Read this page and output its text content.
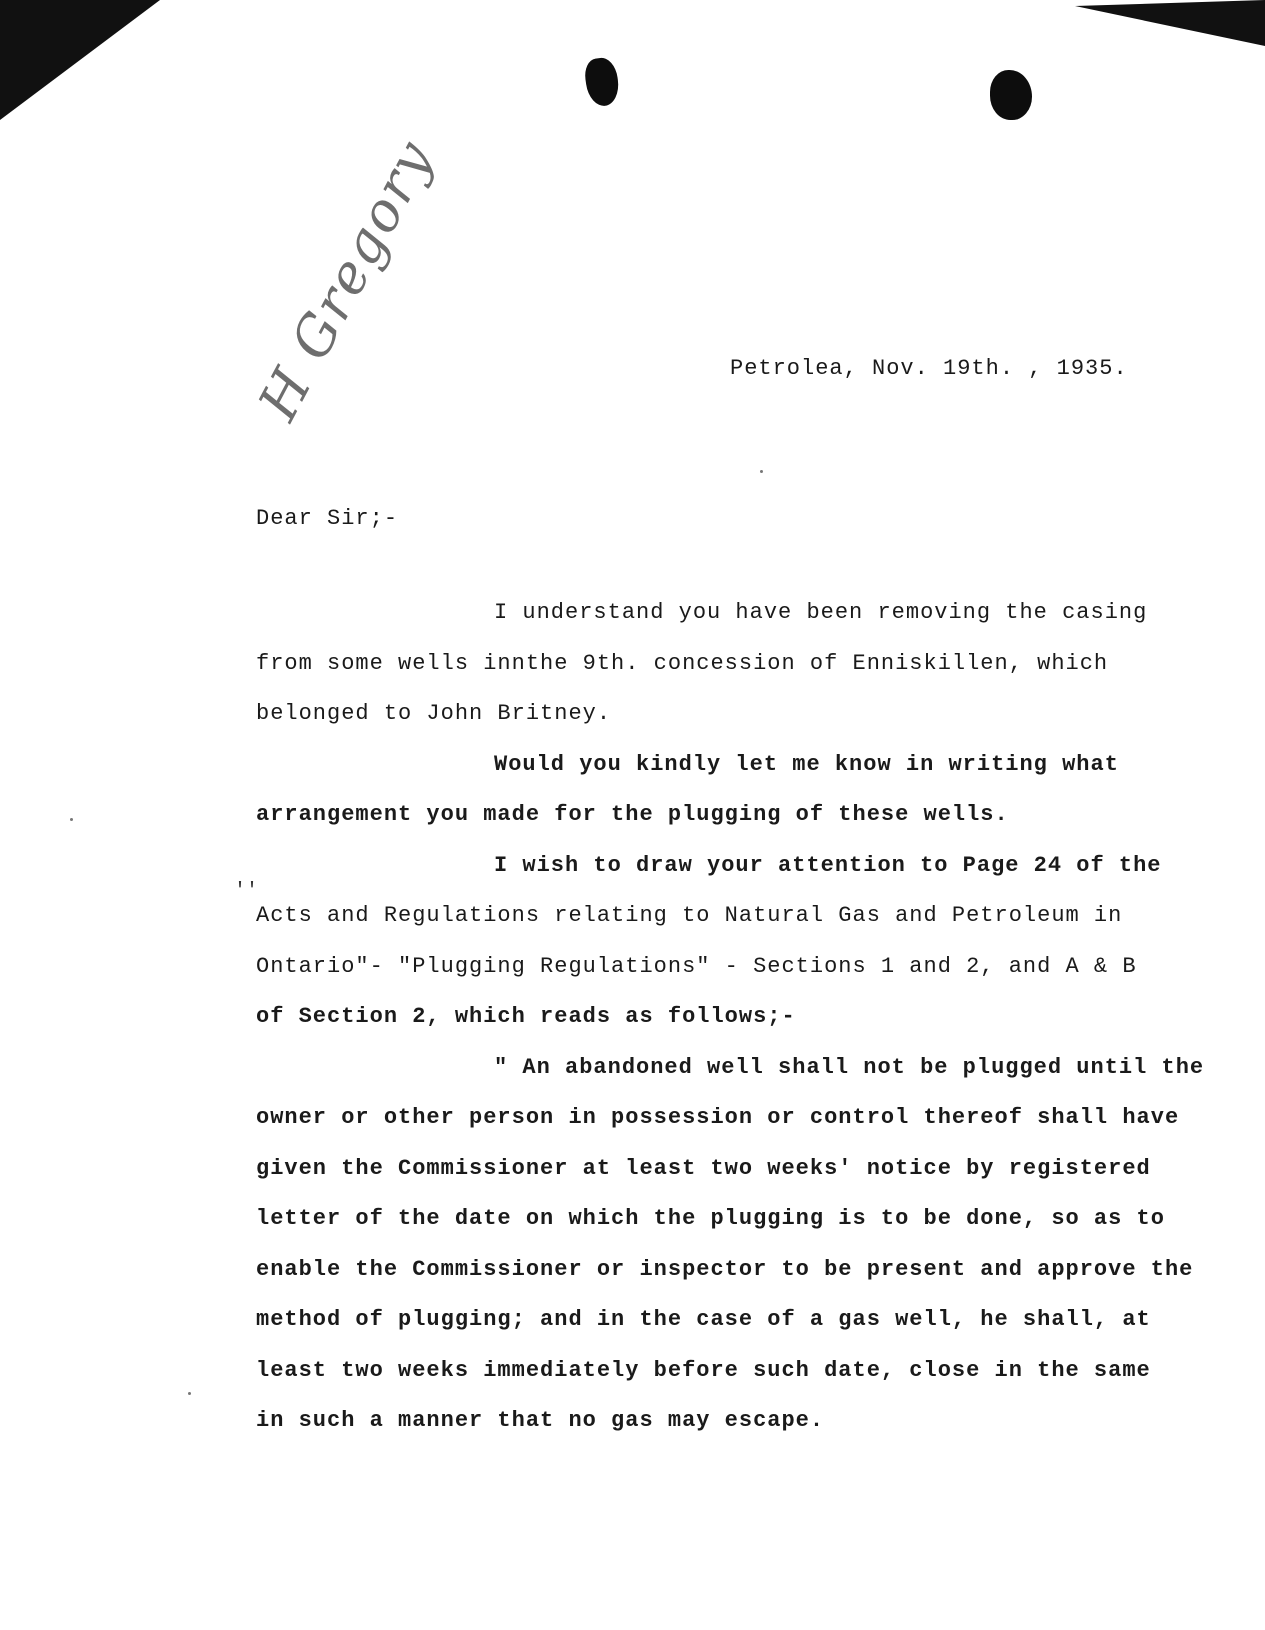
H Gregory	Petrolea, Nov. 19th. , 1935.
Dear Sir;-
′′
I understand you have been removing the casing
from some wells innthe 9th. concession of Enniskillen, which
belonged to John Britney.
Would you kindly let me know in writing what
arrangement you made for the plugging of these wells.
I wish to draw your attention to Page 24 of the
Acts and Regulations relating to Natural Gas and Petroleum in
Ontario"- "Plugging Regulations" - Sections 1 and 2, and A & B
of Section 2, which reads as follows;-
" An abandoned well shall not be plugged until the
owner or other person in possession or control thereof shall have
given the Commissioner at least two weeks' notice by registered
letter of the date on which the plugging is to be done, so as to
enable the Commissioner or inspector to be present and approve the
method of plugging; and in the case of a gas well, he shall, at
least two weeks immediately before such date, close in the same
in such a manner that no gas may escape.
